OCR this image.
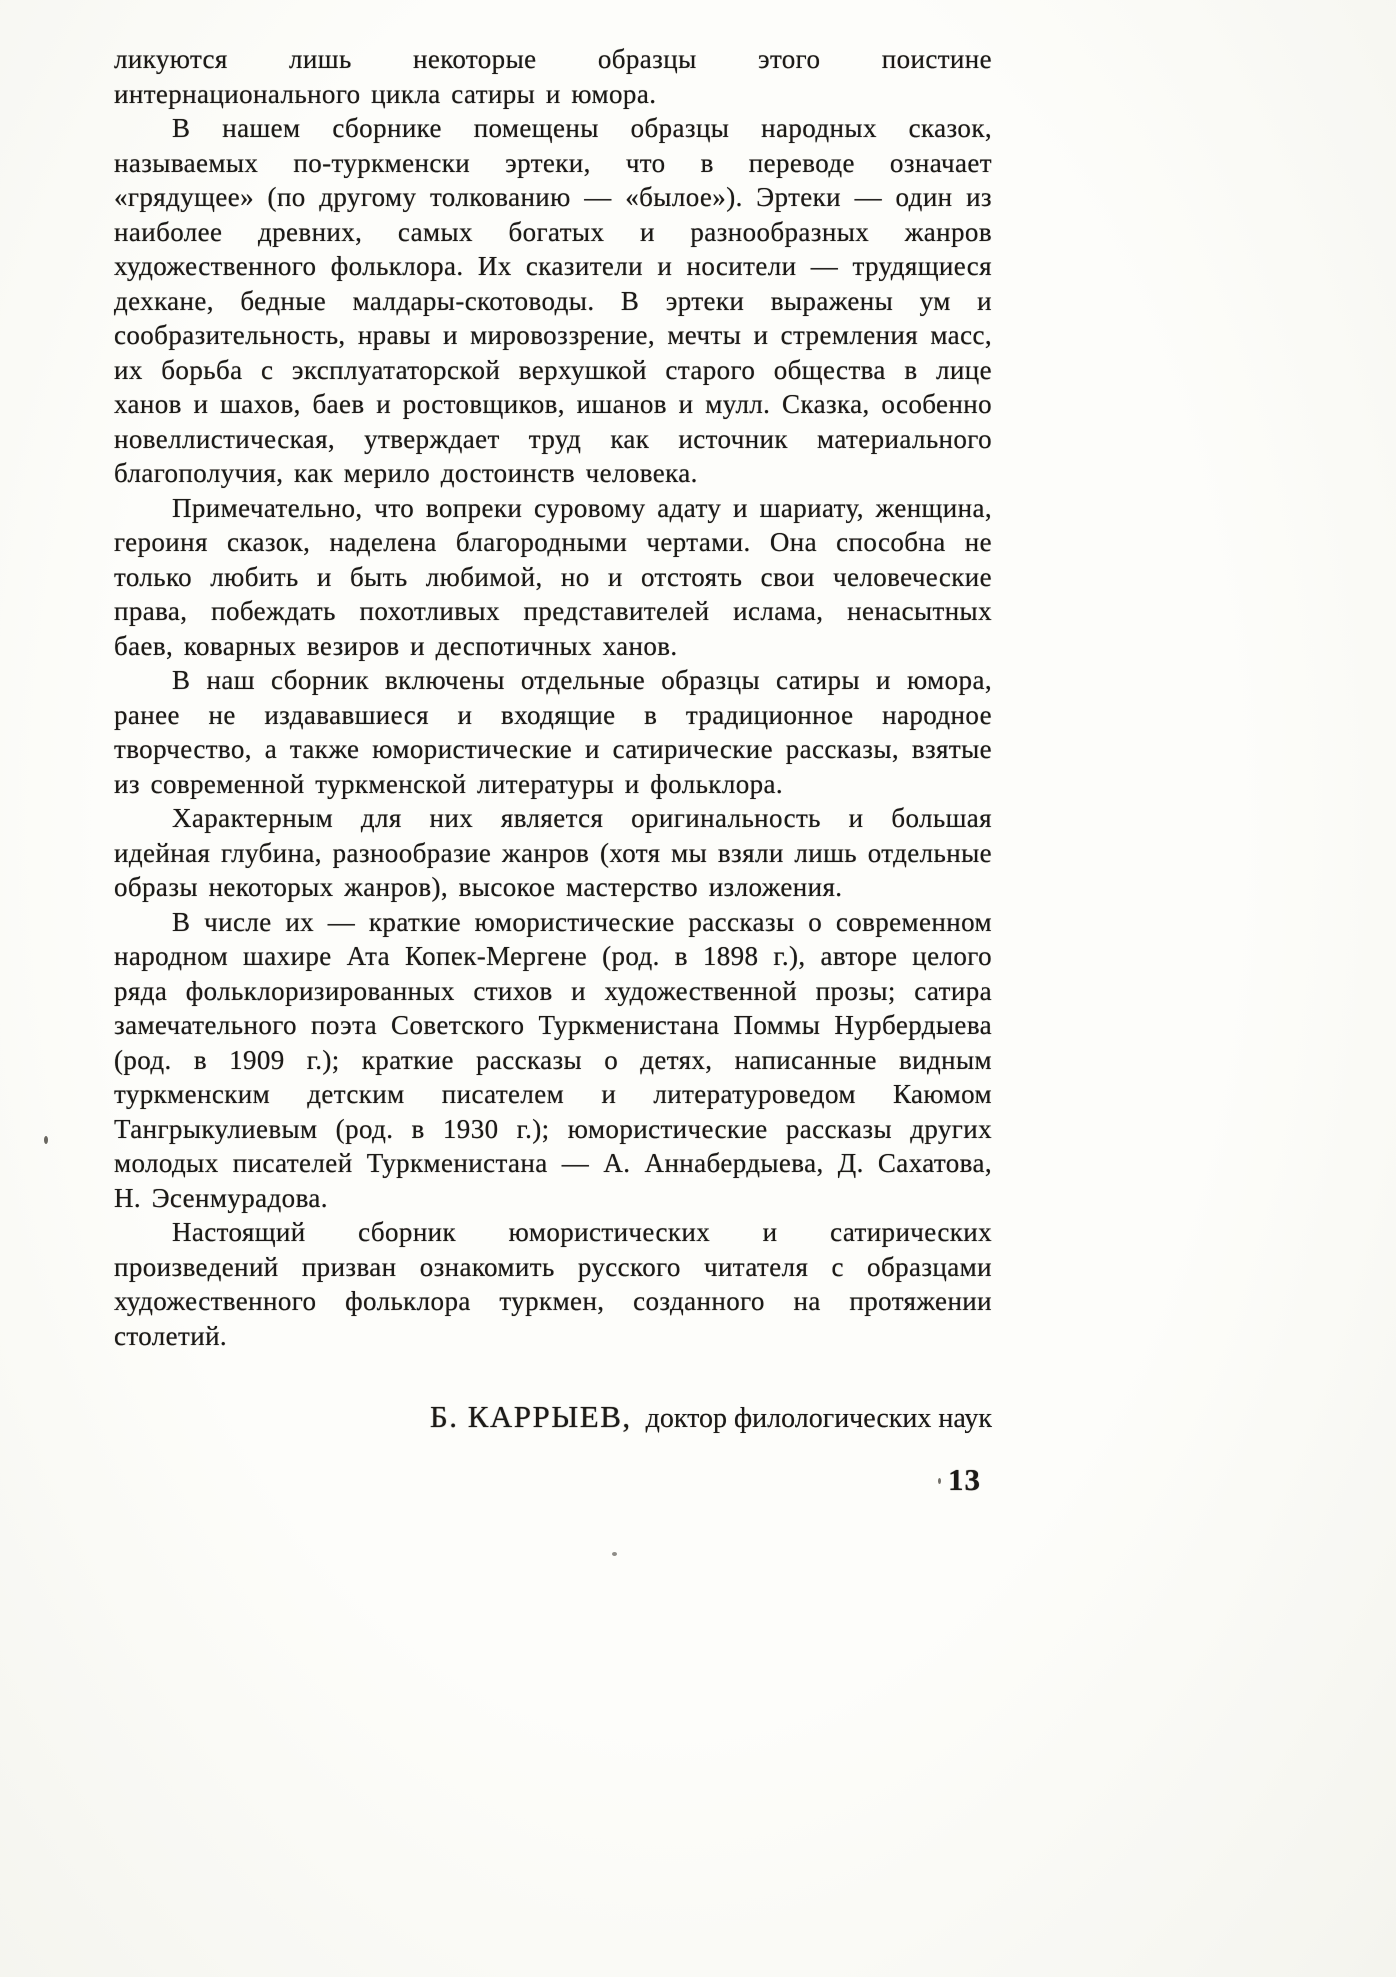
ликуются лишь некоторые образцы этого поистине интернационального цикла сатиры и юмора.

В нашем сборнике помещены образцы народных сказок, называемых по-туркменски эртеки, что в переводе означает «грядущее» (по другому толкованию — «былое»). Эртеки — один из наиболее древних, самых богатых и разнообразных жанров художественного фольклора. Их сказители и носители — трудящиеся дехкане, бедные малдары-скотоводы. В эртеки выражены ум и сообразительность, нравы и мировоззрение, мечты и стремления масс, их борьба с эксплуататорской верхушкой старого общества в лице ханов и шахов, баев и ростовщиков, ишанов и мулл. Сказка, особенно новеллистическая, утверждает труд как источник материального благополучия, как мерило достоинств человека.

Примечательно, что вопреки суровому адату и шариату, женщина, героиня сказок, наделена благородными чертами. Она способна не только любить и быть любимой, но и отстоять свои человеческие права, побеждать похотливых представителей ислама, ненасытных баев, коварных везиров и деспотичных ханов.

В наш сборник включены отдельные образцы сатиры и юмора, ранее не издававшиеся и входящие в традиционное народное творчество, а также юмористические и сатирические рассказы, взятые из современной туркменской литературы и фольклора.

Характерным для них является оригинальность и большая идейная глубина, разнообразие жанров (хотя мы взяли лишь отдельные образы некоторых жанров), высокое мастерство изложения.

В числе их — краткие юмористические рассказы о современном народном шахире Ата Копек-Мергене (род. в 1898 г.), авторе целого ряда фольклоризированных стихов и художественной прозы; сатира замечательного поэта Советского Туркменистана Поммы Нурбердыева (род. в 1909 г.); краткие рассказы о детях, написанные видным туркменским детским писателем и литературоведом Каюмом Тангрыкулиевым (род. в 1930 г.); юмористические рассказы других молодых писателей Туркменистана — А. Аннабердыева, Д. Сахатова, Н. Эсенмурадова.

Настоящий сборник юмористических и сатирических произведений призван ознакомить русского читателя с образцами художественного фольклора туркмен, созданного на протяжении столетий.

Б. КАРРЫЕВ, доктор филологических наук
13
